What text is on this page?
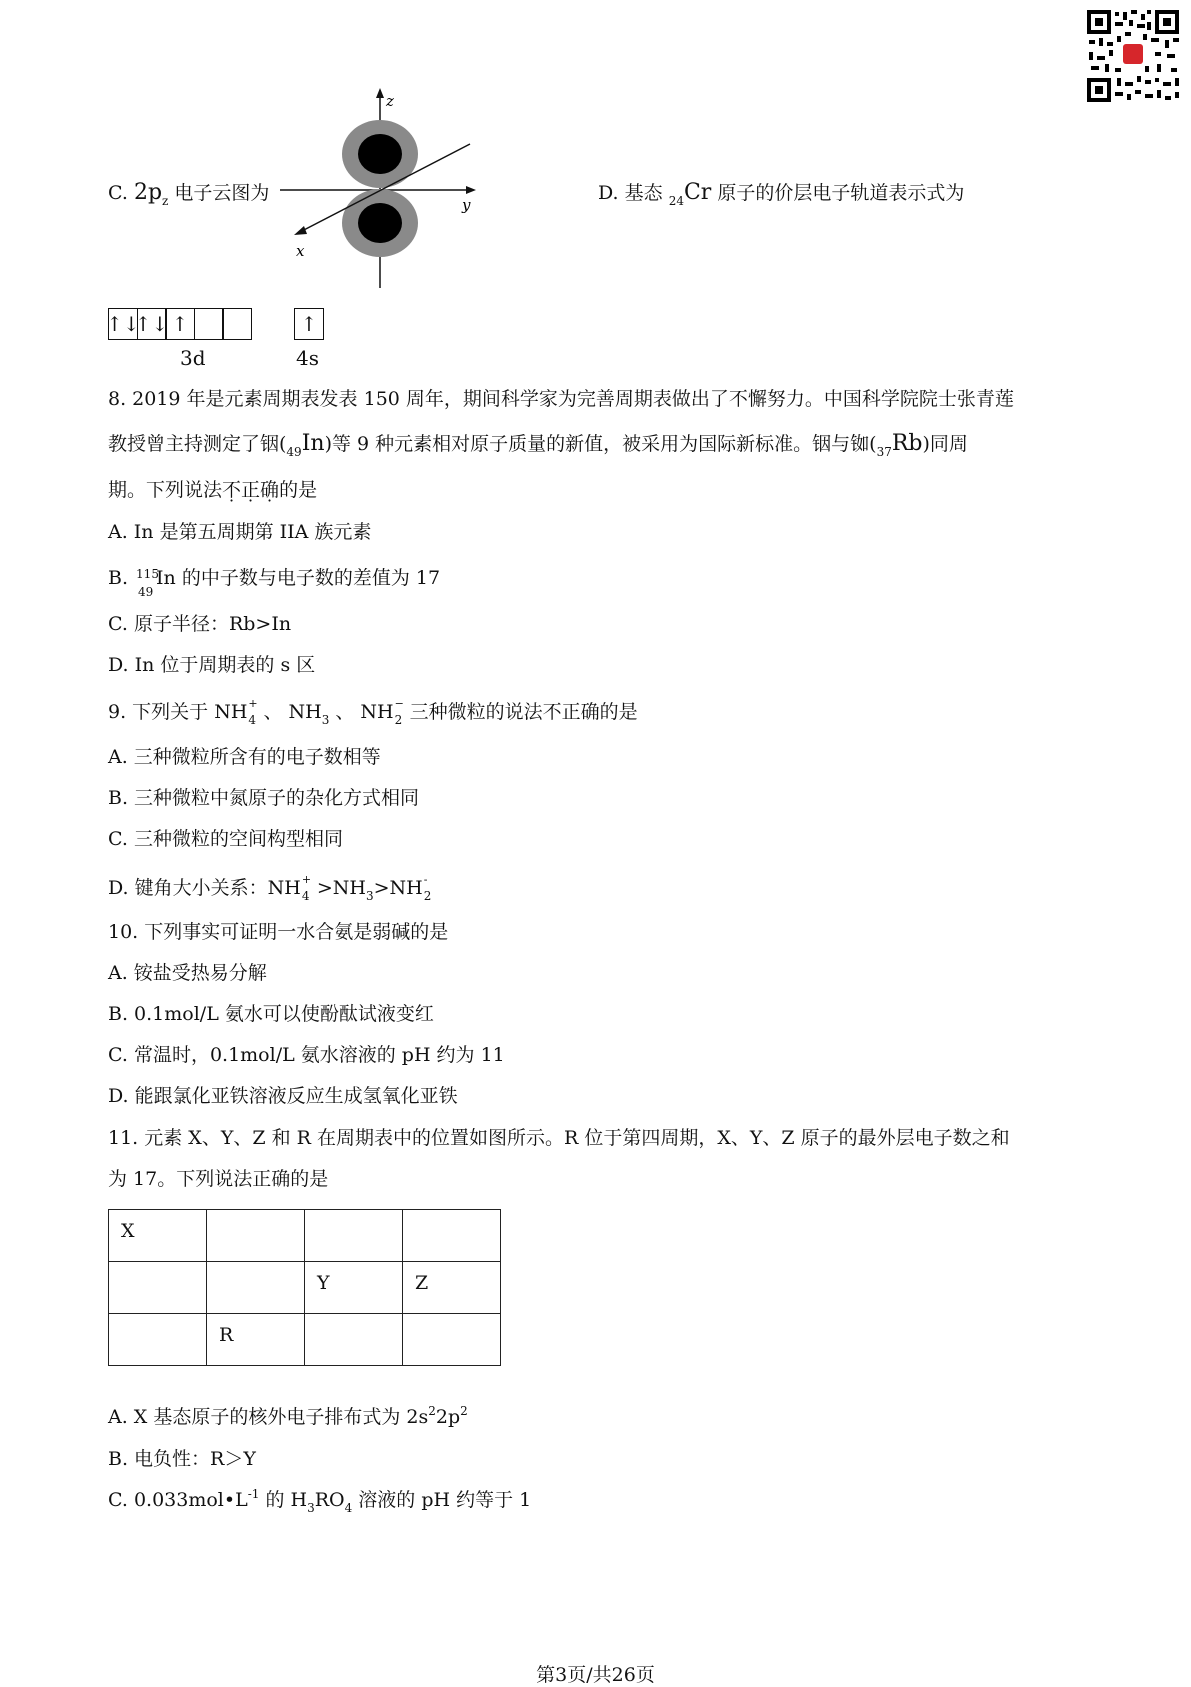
C. $2p_z$ 电子云图为
z
y
x
D. 基态 $_{24}$Cr 原子的价层电子轨道表示式为
↑↓
↑↓ ↑	↑
3d	4s
8. 2019 年是元素周期表发表 150 周年，期间科学家为完善周期表做出了不懈努力。中国科学院院士张青莲
教授曾主持测定了铟$(_{49}In)$等 9 种元素相对原子质量的新值，被采用为国际新标准。铟与铷$(_{37}Rb)$同周
期。下列说法不正确的是
A. In 是第五周期第 IIA 族元素
B. 115
49
In 的中子数与电子数的差值为 17
C. 原子半径：Rb>In
D. In 位于周期表的 s 区
9. 下列关于 NH +
4 、 $NH_3$ 、 NH −
2 三种微粒的说法不正确的是
A. 三种微粒所含有的电子数相等
B. 三种微粒中氮原子的杂化方式相同
C. 三种微粒的空间构型相同
D. 键角大小关系：NH +
$4 >NH_3>NH$ -
2
10. 下列事实可证明一水合氨是弱碱的是
A. 铵盐受热易分解
B. 0.1mol/L 氨水可以使酚酞试液变红
C. 常温时，0.1mol/L 氨水溶液的 pH 约为 11
D. 能跟氯化亚铁溶液反应生成氢氧化亚铁
11. 元素 X、Y、Z 和 R 在周期表中的位置如图所示。R 位于第四周期，X、Y、Z 原子的最外层电子数之和
为 17。下列说法正确的是
X			
		Y	Z
	R		
A. X 基态原子的核外电子排布式为 $2s^22p^2$
B. 电负性：R＞Y
C. $0.033mol•L^{-1}$ 的 $H_3RO_4$ 溶液的 pH 约等于 1
第3页/共26页
